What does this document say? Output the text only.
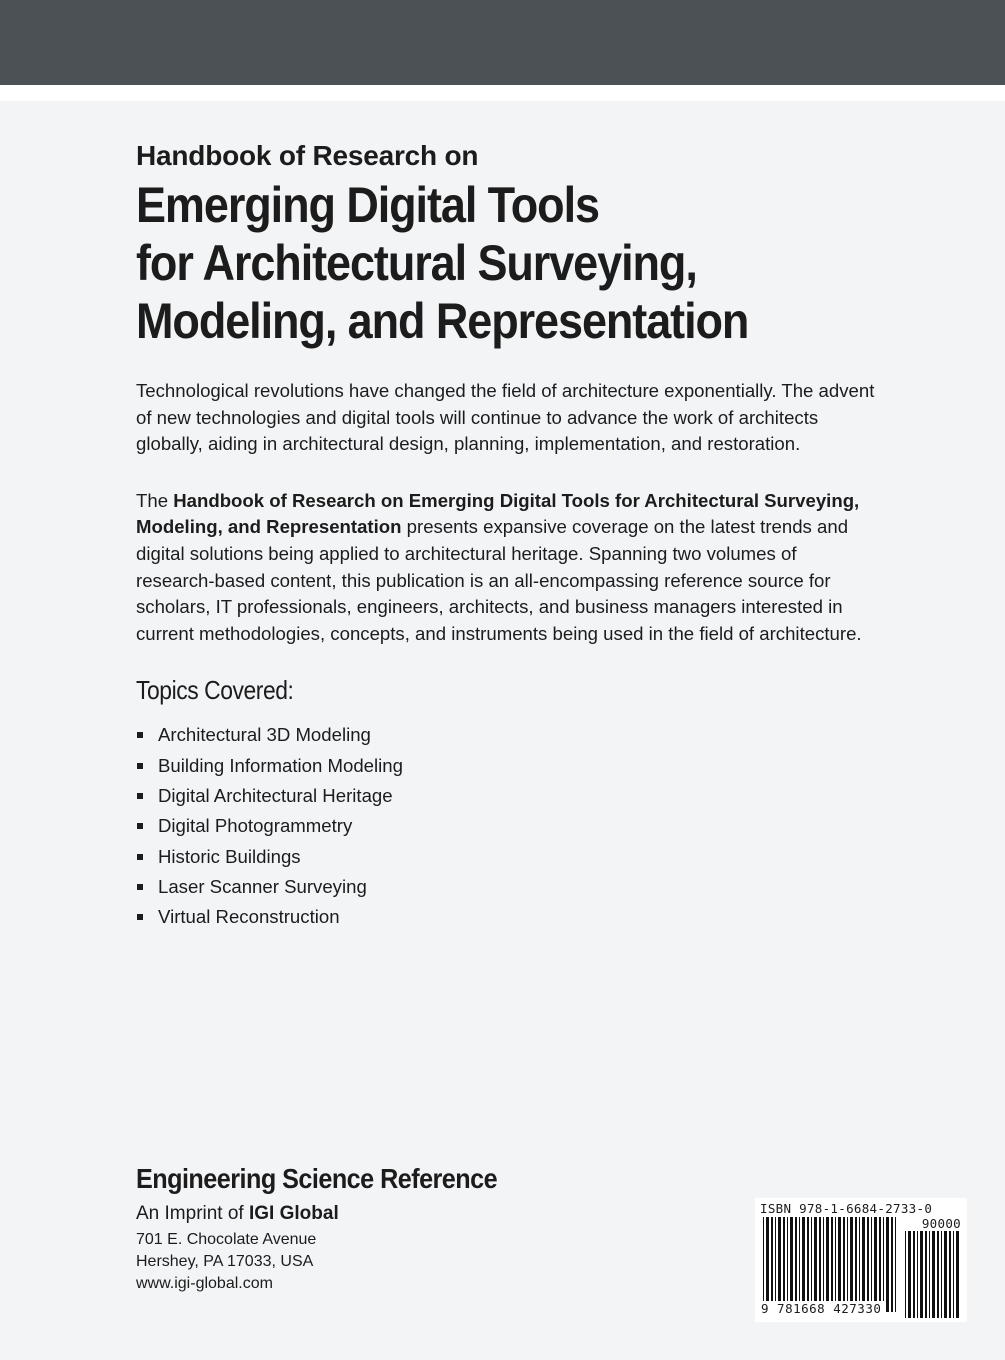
Handbook of Research on
Emerging Digital Tools
for Architectural Surveying,
Modeling, and Representation

Technological revolutions have changed the field of architecture exponentially. The advent of new technologies and digital tools will continue to advance the work of architects globally, aiding in architectural design, planning, implementation, and restoration.

The Handbook of Research on Emerging Digital Tools for Architectural Surveying, Modeling, and Representation presents expansive coverage on the latest trends and digital solutions being applied to architectural heritage. Spanning two volumes of research-based content, this publication is an all-encompassing reference source for scholars, IT professionals, engineers, architects, and business managers interested in current methodologies, concepts, and instruments being used in the field of architecture.

Topics Covered:
Architectural 3D Modeling
Building Information Modeling
Digital Architectural Heritage
Digital Photogrammetry
Historic Buildings
Laser Scanner Surveying
Virtual Reconstruction
Engineering Science Reference
An Imprint of IGI Global
701 E. Chocolate Avenue
Hershey, PA 17033, USA
www.igi-global.com
ISBN 978-1-6684-2733-0
90000
9 781668 427330
